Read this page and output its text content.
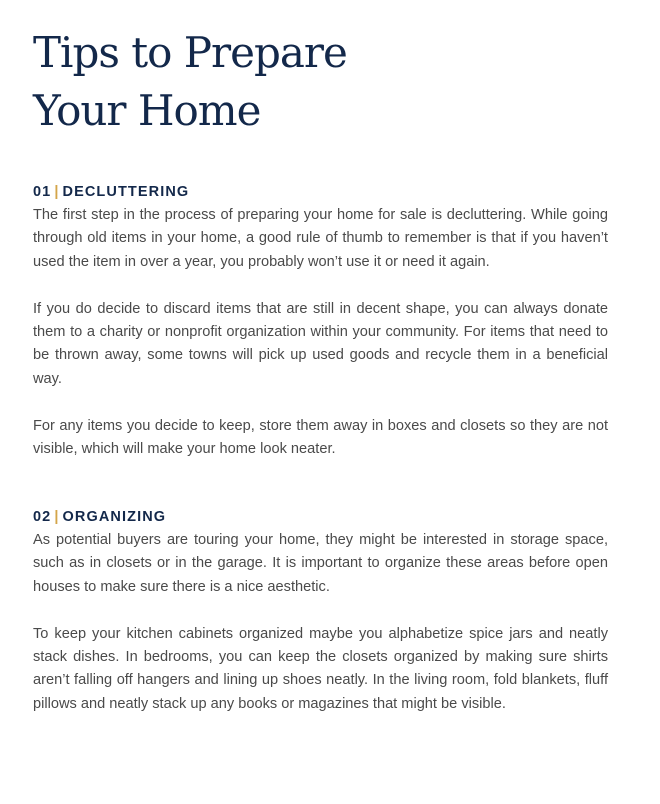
Tips to Prepare
Your Home
01 | DECLUTTERING

The first step in the process of preparing your home for sale is decluttering. While going through old items in your home, a good rule of thumb to remember is that if you haven’t used the item in over a year, you probably won’t use it or need it again.

If you do decide to discard items that are still in decent shape, you can always donate them to a charity or nonprofit organization within your community. For items that need to be thrown away, some towns will pick up used goods and recycle them in a beneficial way.

For any items you decide to keep, store them away in boxes and closets so they are not visible, which will make your home look neater.

02 | ORGANIZING

As potential buyers are touring your home, they might be interested in storage space, such as in closets or in the garage. It is important to organize these areas before open houses to make sure there is a nice aesthetic.

To keep your kitchen cabinets organized maybe you alphabetize spice jars and neatly stack dishes. In bedrooms, you can keep the closets organized by making sure shirts aren’t falling off hangers and lining up shoes neatly. In the living room, fold blankets, fluff pillows and neatly stack up any books or magazines that might be visible.
